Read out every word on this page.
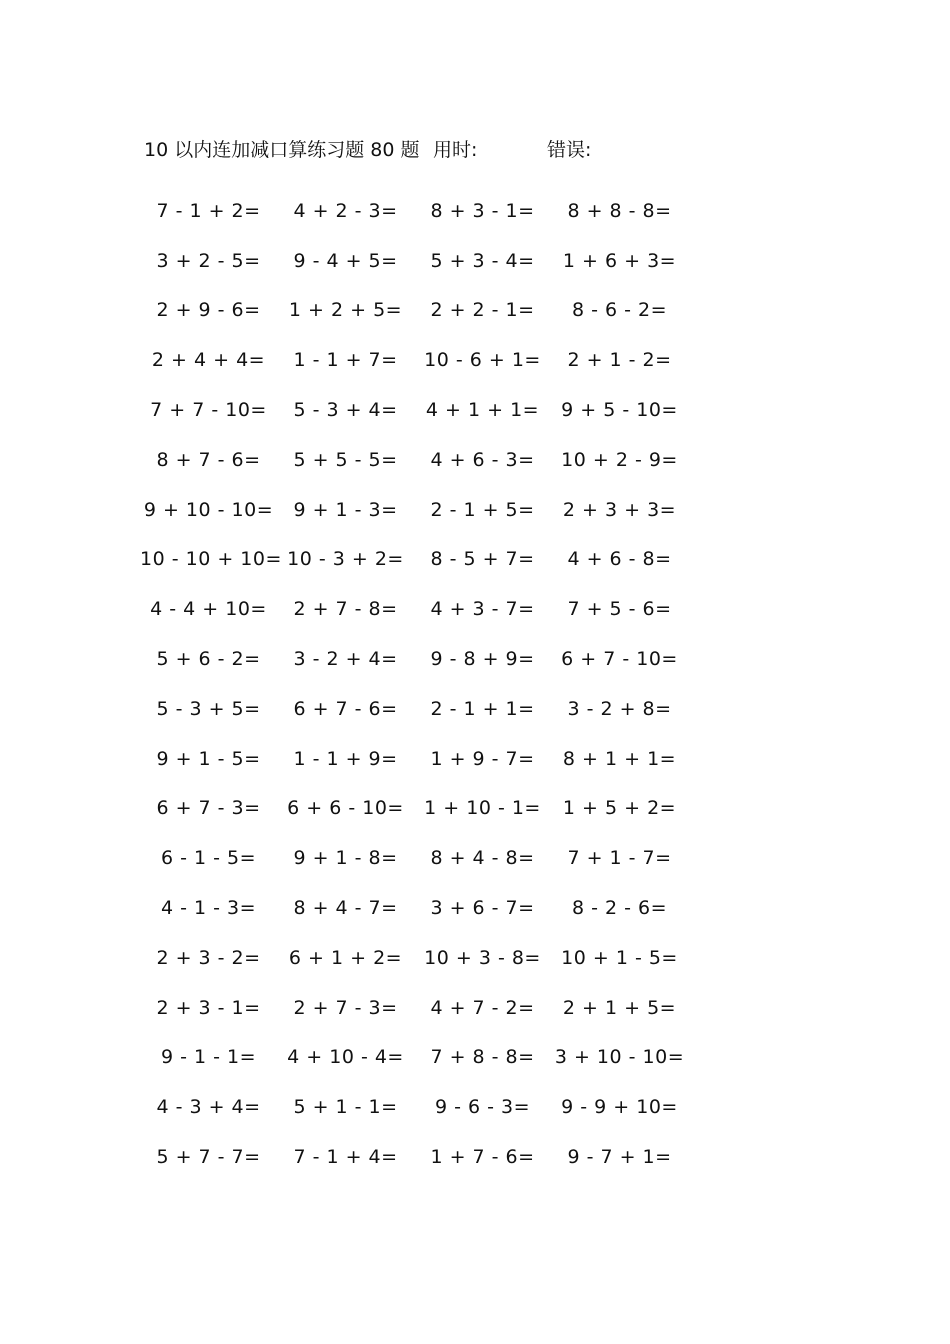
10 以内连加减口算练习题 80 题 用时:	错误:
7 - 1 + 2=	4 + 2 - 3=	8 + 3 - 1=	8 + 8 - 8=
3 + 2 - 5=	9 - 4 + 5=	5 + 3 - 4=	1 + 6 + 3=
2 + 9 - 6=	1 + 2 + 5=	2 + 2 - 1=	8 - 6 - 2=
2 + 4 + 4=	1 - 1 + 7=	10 - 6 + 1=	2 + 1 - 2=
7 + 7 - 10=	5 - 3 + 4=	4 + 1 + 1=	9 + 5 - 10=
8 + 7 - 6=	5 + 5 - 5=	4 + 6 - 3=	10 + 2 - 9=
9 + 10 - 10=	9 + 1 - 3=	2 - 1 + 5=	2 + 3 + 3=
10 - 10 + 10= 10 - 3 + 2=	8 - 5 + 7=	4 + 6 - 8=
4 - 4 + 10=	2 + 7 - 8=	4 + 3 - 7=	7 + 5 - 6=
5 + 6 - 2=	3 - 2 + 4=	9 - 8 + 9=	6 + 7 - 10=
5 - 3 + 5=	6 + 7 - 6=	2 - 1 + 1=	3 - 2 + 8=
9 + 1 - 5=	1 - 1 + 9=	1 + 9 - 7=	8 + 1 + 1=
6 + 7 - 3=	6 + 6 - 10=	1 + 10 - 1=	1 + 5 + 2=
6 - 1 - 5=	9 + 1 - 8=	8 + 4 - 8=	7 + 1 - 7=
4 - 1 - 3=	8 + 4 - 7=	3 + 6 - 7=	8 - 2 - 6=
2 + 3 - 2=	6 + 1 + 2=	10 + 3 - 8=	10 + 1 - 5=
2 + 3 - 1=	2 + 7 - 3=	4 + 7 - 2=	2 + 1 + 5=
9 - 1 - 1=	4 + 10 - 4=	7 + 8 - 8=	3 + 10 - 10=
4 - 3 + 4=	5 + 1 - 1=	9 - 6 - 3=	9 - 9 + 10=
5 + 7 - 7=	7 - 1 + 4=	1 + 7 - 6=	9 - 7 + 1=
